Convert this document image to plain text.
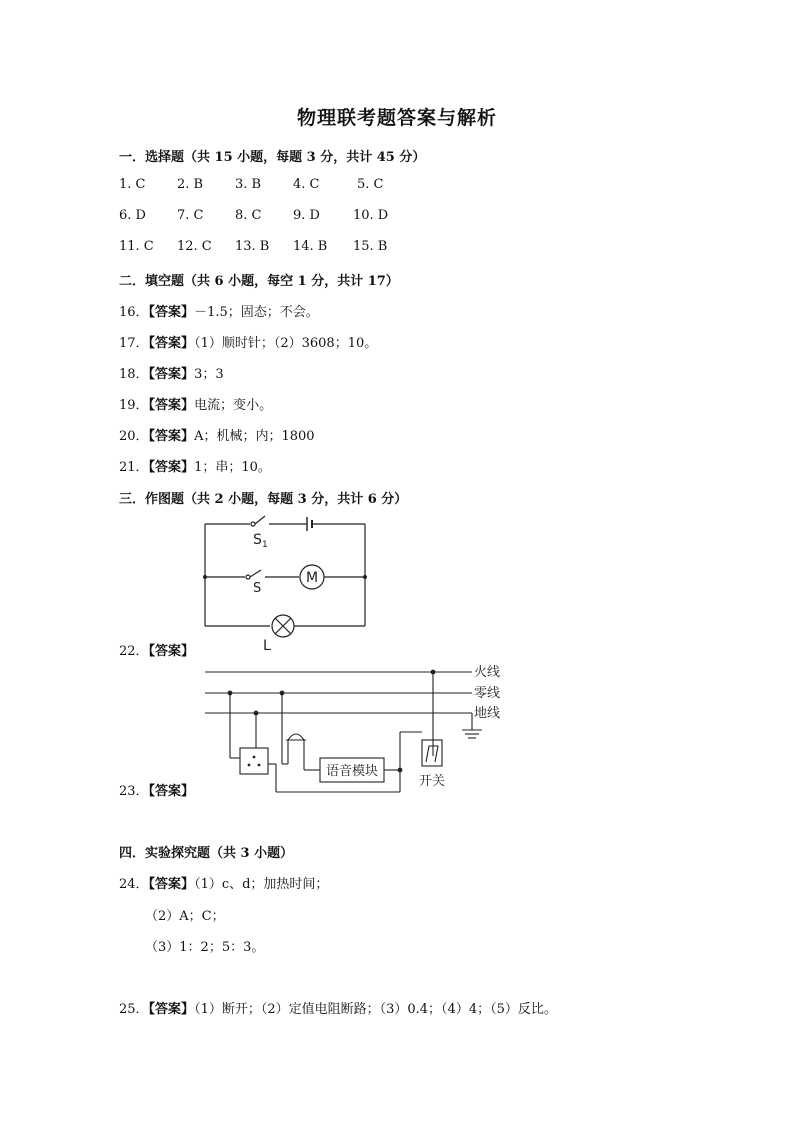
物理联考题答案与解析
一．选择题（共 15 小题，每题 3 分，共计 45 分）
1. C 2. B 3. B 4. C	5. C
6. D 7. C 8. C 9. D	10. D
11. C 12. C 13. B 14. B 15. B
二．填空题（共 6 小题，每空 1 分，共计 17）
16．【答案】－1.5；固态；不会。
17．【答案】（1）顺时针；（2）3608；10。
18．【答案】3；3
19．【答案】电流；变小。
20．【答案】A；机械；内；1800
21．【答案】1；串；10。
三．作图题（共 2 小题，每题 3 分，共计 6 分）
S 1
S
M
L
22．【答案】
火线
零线
地线
语音模块
开关
23．【答案】
四．实验探究题（共 3 小题）
24．【答案】（1）c、d；加热时间；
（2）A；C；
（3）1：2；5：3。
25．【答案】（1）断开；（2）定值电阻断路；（3）0.4；（4）4；（5）反比。
